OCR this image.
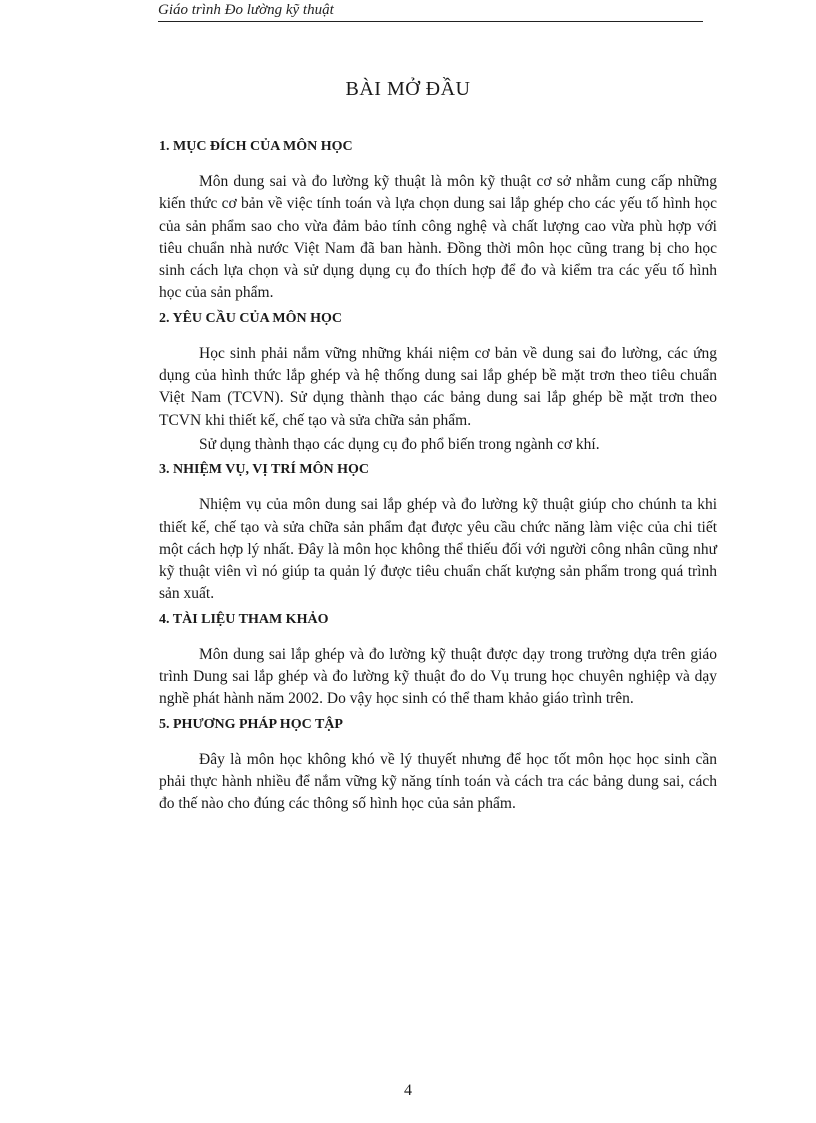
Giáo trình Đo lường kỹ thuật
BÀI MỞ ĐẦU
1. MỤC ĐÍCH CỦA MÔN HỌC

Môn dung sai và đo lường kỹ thuật là môn kỹ thuật cơ sở nhằm cung cấp những kiến thức cơ bản về việc tính toán và lựa chọn dung sai lắp ghép cho các yếu tố hình học của sản phẩm sao cho vừa đảm bảo tính công nghệ và chất lượng cao vừa phù hợp với tiêu chuẩn nhà nước Việt Nam đã ban hành. Đồng thời môn học cũng trang bị cho học sinh cách lựa chọn và sử dụng dụng cụ đo thích hợp để đo và kiểm tra các yếu tố hình học của sản phẩm.

2. YÊU CẦU CỦA MÔN HỌC

Học sinh phải nắm vững những khái niệm cơ bản về dung sai đo lường, các ứng dụng của hình thức lắp ghép và hệ thống dung sai lắp ghép bề mặt trơn theo tiêu chuẩn Việt Nam (TCVN). Sử dụng thành thạo các bảng dung sai lắp ghép bề mặt trơn theo TCVN khi thiết kế, chế tạo và sửa chữa sản phẩm.

Sử dụng thành thạo các dụng cụ đo phổ biến trong ngành cơ khí.

3. NHIỆM VỤ, VỊ TRÍ MÔN HỌC

Nhiệm vụ của môn dung sai lắp ghép và đo lường kỹ thuật giúp cho chúnh ta khi thiết kế, chế tạo và sửa chữa sản phẩm đạt được yêu cầu chức năng làm việc của chi tiết một cách hợp lý nhất. Đây là môn học không thể thiếu đối với người công nhân cũng như kỹ thuật viên vì nó giúp ta quản lý được tiêu chuẩn chất kượng sản phẩm trong quá trình sản xuất.

4. TÀI LIỆU THAM KHẢO

Môn dung sai lắp ghép và đo lường kỹ thuật được dạy trong trường dựa trên giáo trình Dung sai lắp ghép và đo lường kỹ thuật đo do Vụ trung học chuyên nghiệp và dạy nghề phát hành năm 2002. Do vậy học sinh có thể tham khảo giáo trình trên.

5. PHƯƠNG PHÁP HỌC TẬP

Đây là môn học không khó về lý thuyết nhưng để học tốt môn học học sinh cần phải thực hành nhiều để nắm vững kỹ năng tính toán và cách tra các bảng dung sai, cách đo thế nào cho đúng các thông số hình học của sản phẩm.

4
